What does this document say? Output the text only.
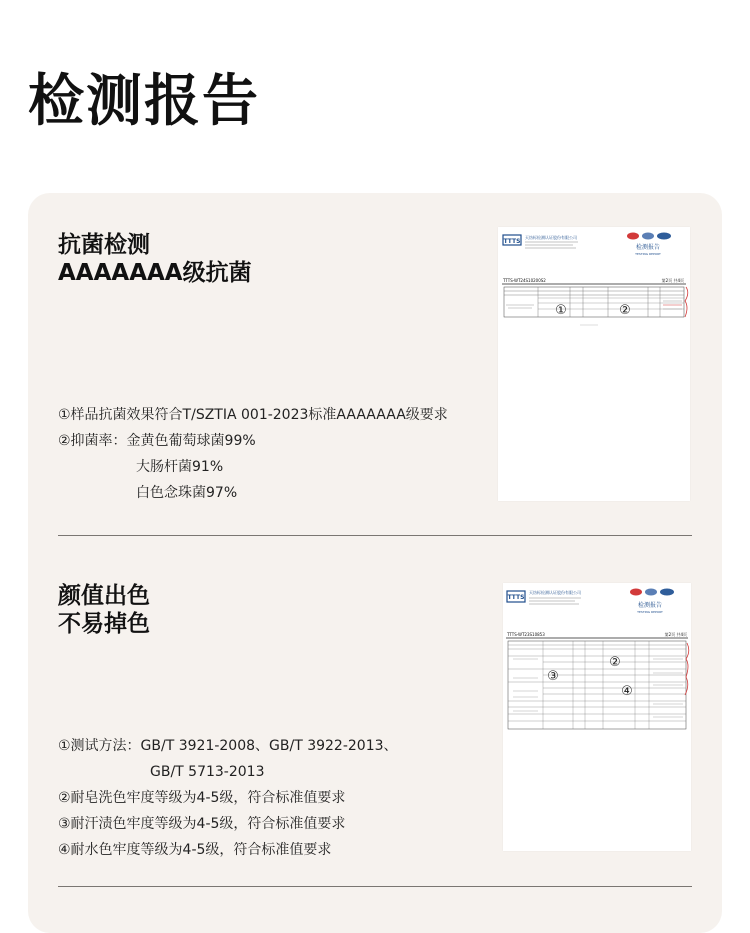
检测报告
抗菌检测
AAAAAAA级抗菌
①样品抗菌效果符合T/SZTIA 001-2023标准AAAAAAA级要求
②抑菌率：金黄色葡萄球菌99%
大肠杆菌91%
白色念珠菌97%
TTTS
天纺标检测认证股份有限公司
检测报告
TESTING REPORT
TTTS-WT24S10200S2	第2页 共4页
①	②
颜值出色
不易掉色
①测试方法：GB/T 3921-2008、GB/T 3922-2013、
GB/T 5713-2013
②耐皂洗色牢度等级为4-5级，符合标准值要求
③耐汗渍色牢度等级为4-5级，符合标准值要求
④耐水色牢度等级为4-5级，符合标准值要求
TTTS
天纺标检测认证股份有限公司
检测报告
TESTING REPORT
TTTS-WT23S10853	第2页 共4页
②
③
④
